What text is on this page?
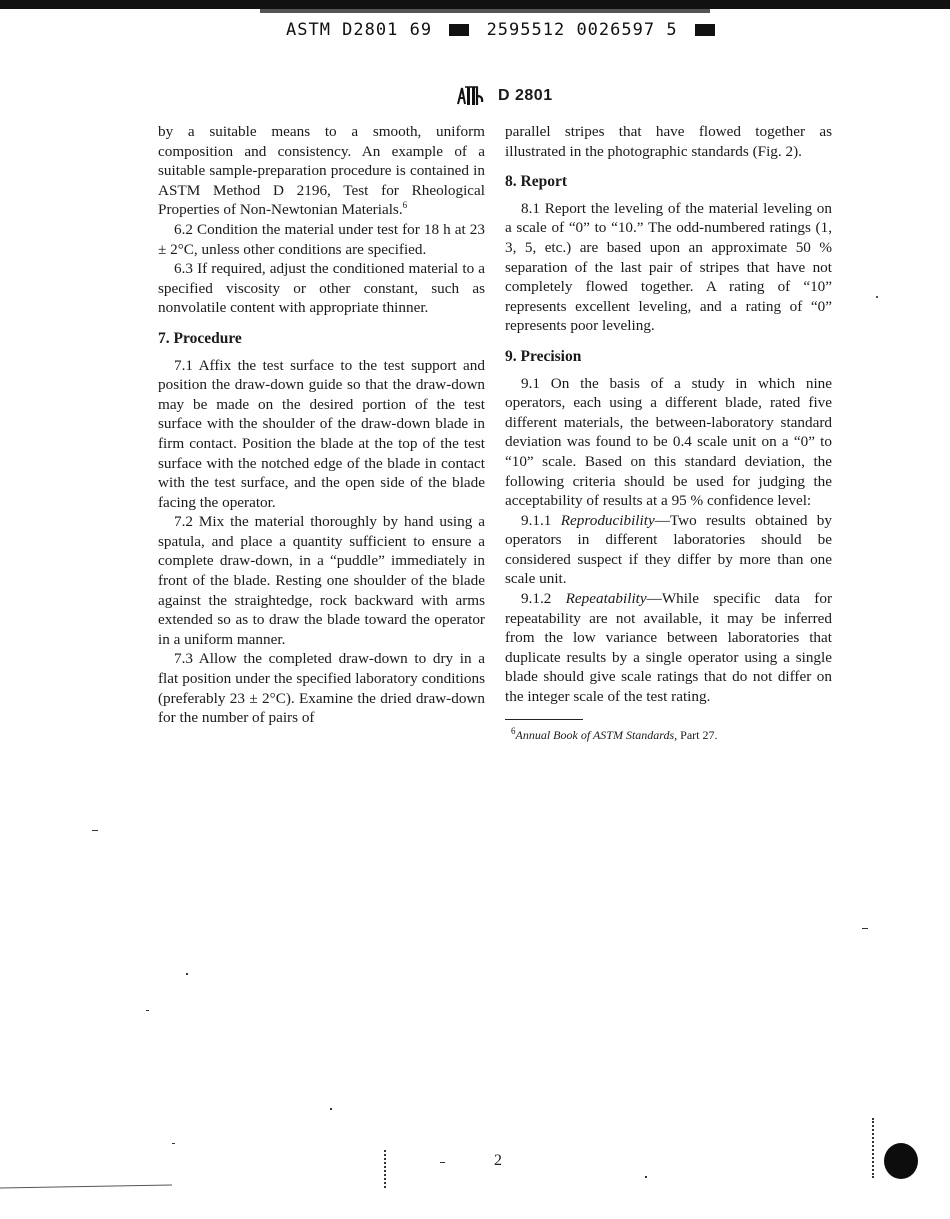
ASTM D2801 69	2595512 0026597 5
D 2801

by a suitable means to a smooth, uniform composition and consistency. An example of a suitable sample-preparation procedure is contained in ASTM Method D 2196, Test for Rheological Properties of Non-Newtonian Materials.$^6$

6.2 Condition the material under test for 18 h at 23 ± 2°C, unless other conditions are specified.

6.3 If required, adjust the conditioned material to a specified viscosity or other constant, such as nonvolatile content with appropriate thinner.

7. Procedure

7.1 Affix the test surface to the test support and position the draw-down guide so that the draw-down may be made on the desired portion of the test surface with the shoulder of the draw-down blade in firm contact. Position the blade at the top of the test surface with the notched edge of the blade in contact with the test surface, and the open side of the blade facing the operator.

7.2 Mix the material thoroughly by hand using a spatula, and place a quantity sufficient to ensure a complete draw-down, in a “puddle” immediately in front of the blade. Resting one shoulder of the blade against the straightedge, rock backward with arms extended so as to draw the blade toward the operator in a uniform manner.

7.3 Allow the completed draw-down to dry in a flat position under the specified laboratory conditions (preferably 23 ± 2°C). Examine the dried draw-down for the number of pairs of

parallel stripes that have flowed together as illustrated in the photographic standards (Fig. 2).

8. Report

8.1 Report the leveling of the material leveling on a scale of “0” to “10.” The odd-numbered ratings (1, 3, 5, etc.) are based upon an approximate 50 % separation of the last pair of stripes that have not completely flowed together. A rating of “10” represents excellent leveling, and a rating of “0” represents poor leveling.

9. Precision

9.1 On the basis of a study in which nine operators, each using a different blade, rated five different materials, the between-laboratory standard deviation was found to be 0.4 scale unit on a “0” to “10” scale. Based on this standard deviation, the following criteria should be used for judging the acceptability of results at a 95 % confidence level:

9.1.1 Reproducibility—Two results obtained by operators in different laboratories should be considered suspect if they differ by more than one scale unit.

9.1.2 Repeatability—While specific data for repeatability are not available, it may be inferred from the low variance between laboratories that duplicate results by a single operator using a single blade should give scale ratings that do not differ on the integer scale of the test rating.

$^6$Annual Book of ASTM Standards, Part 27.
2
